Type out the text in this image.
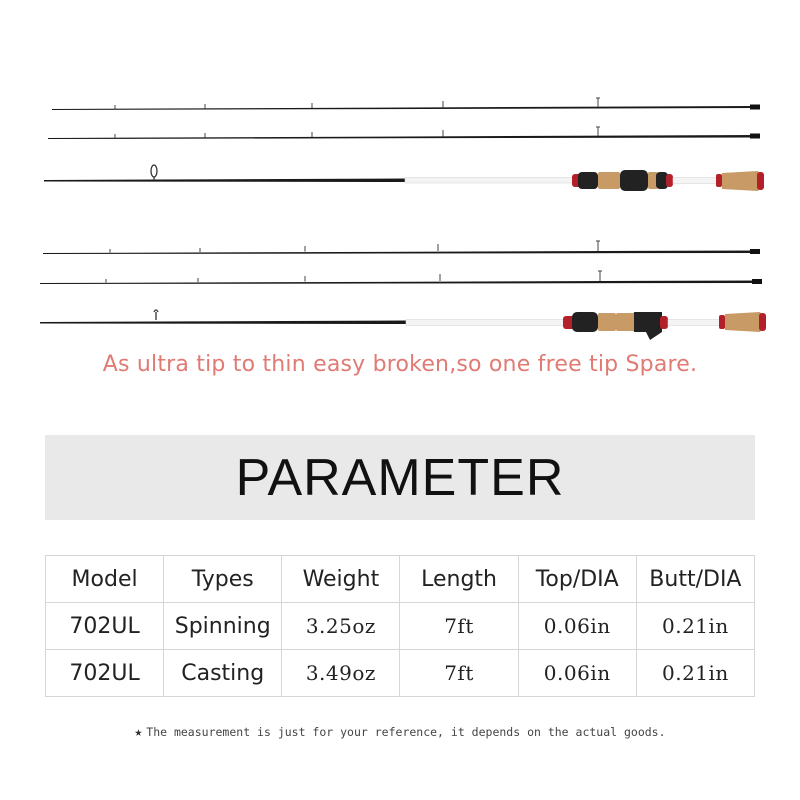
As ultra tip to thin easy broken,so one free tip Spare.
PARAMETER
Model	Types	Weight	Length	Top/DIA	Butt/DIA
702UL	Spinning	3.25oz	7ft	0.06in	0.21in
702UL	Casting	3.49oz	7ft	0.06in	0.21in
★ The measurement is just for your reference, it depends on the actual goods.
